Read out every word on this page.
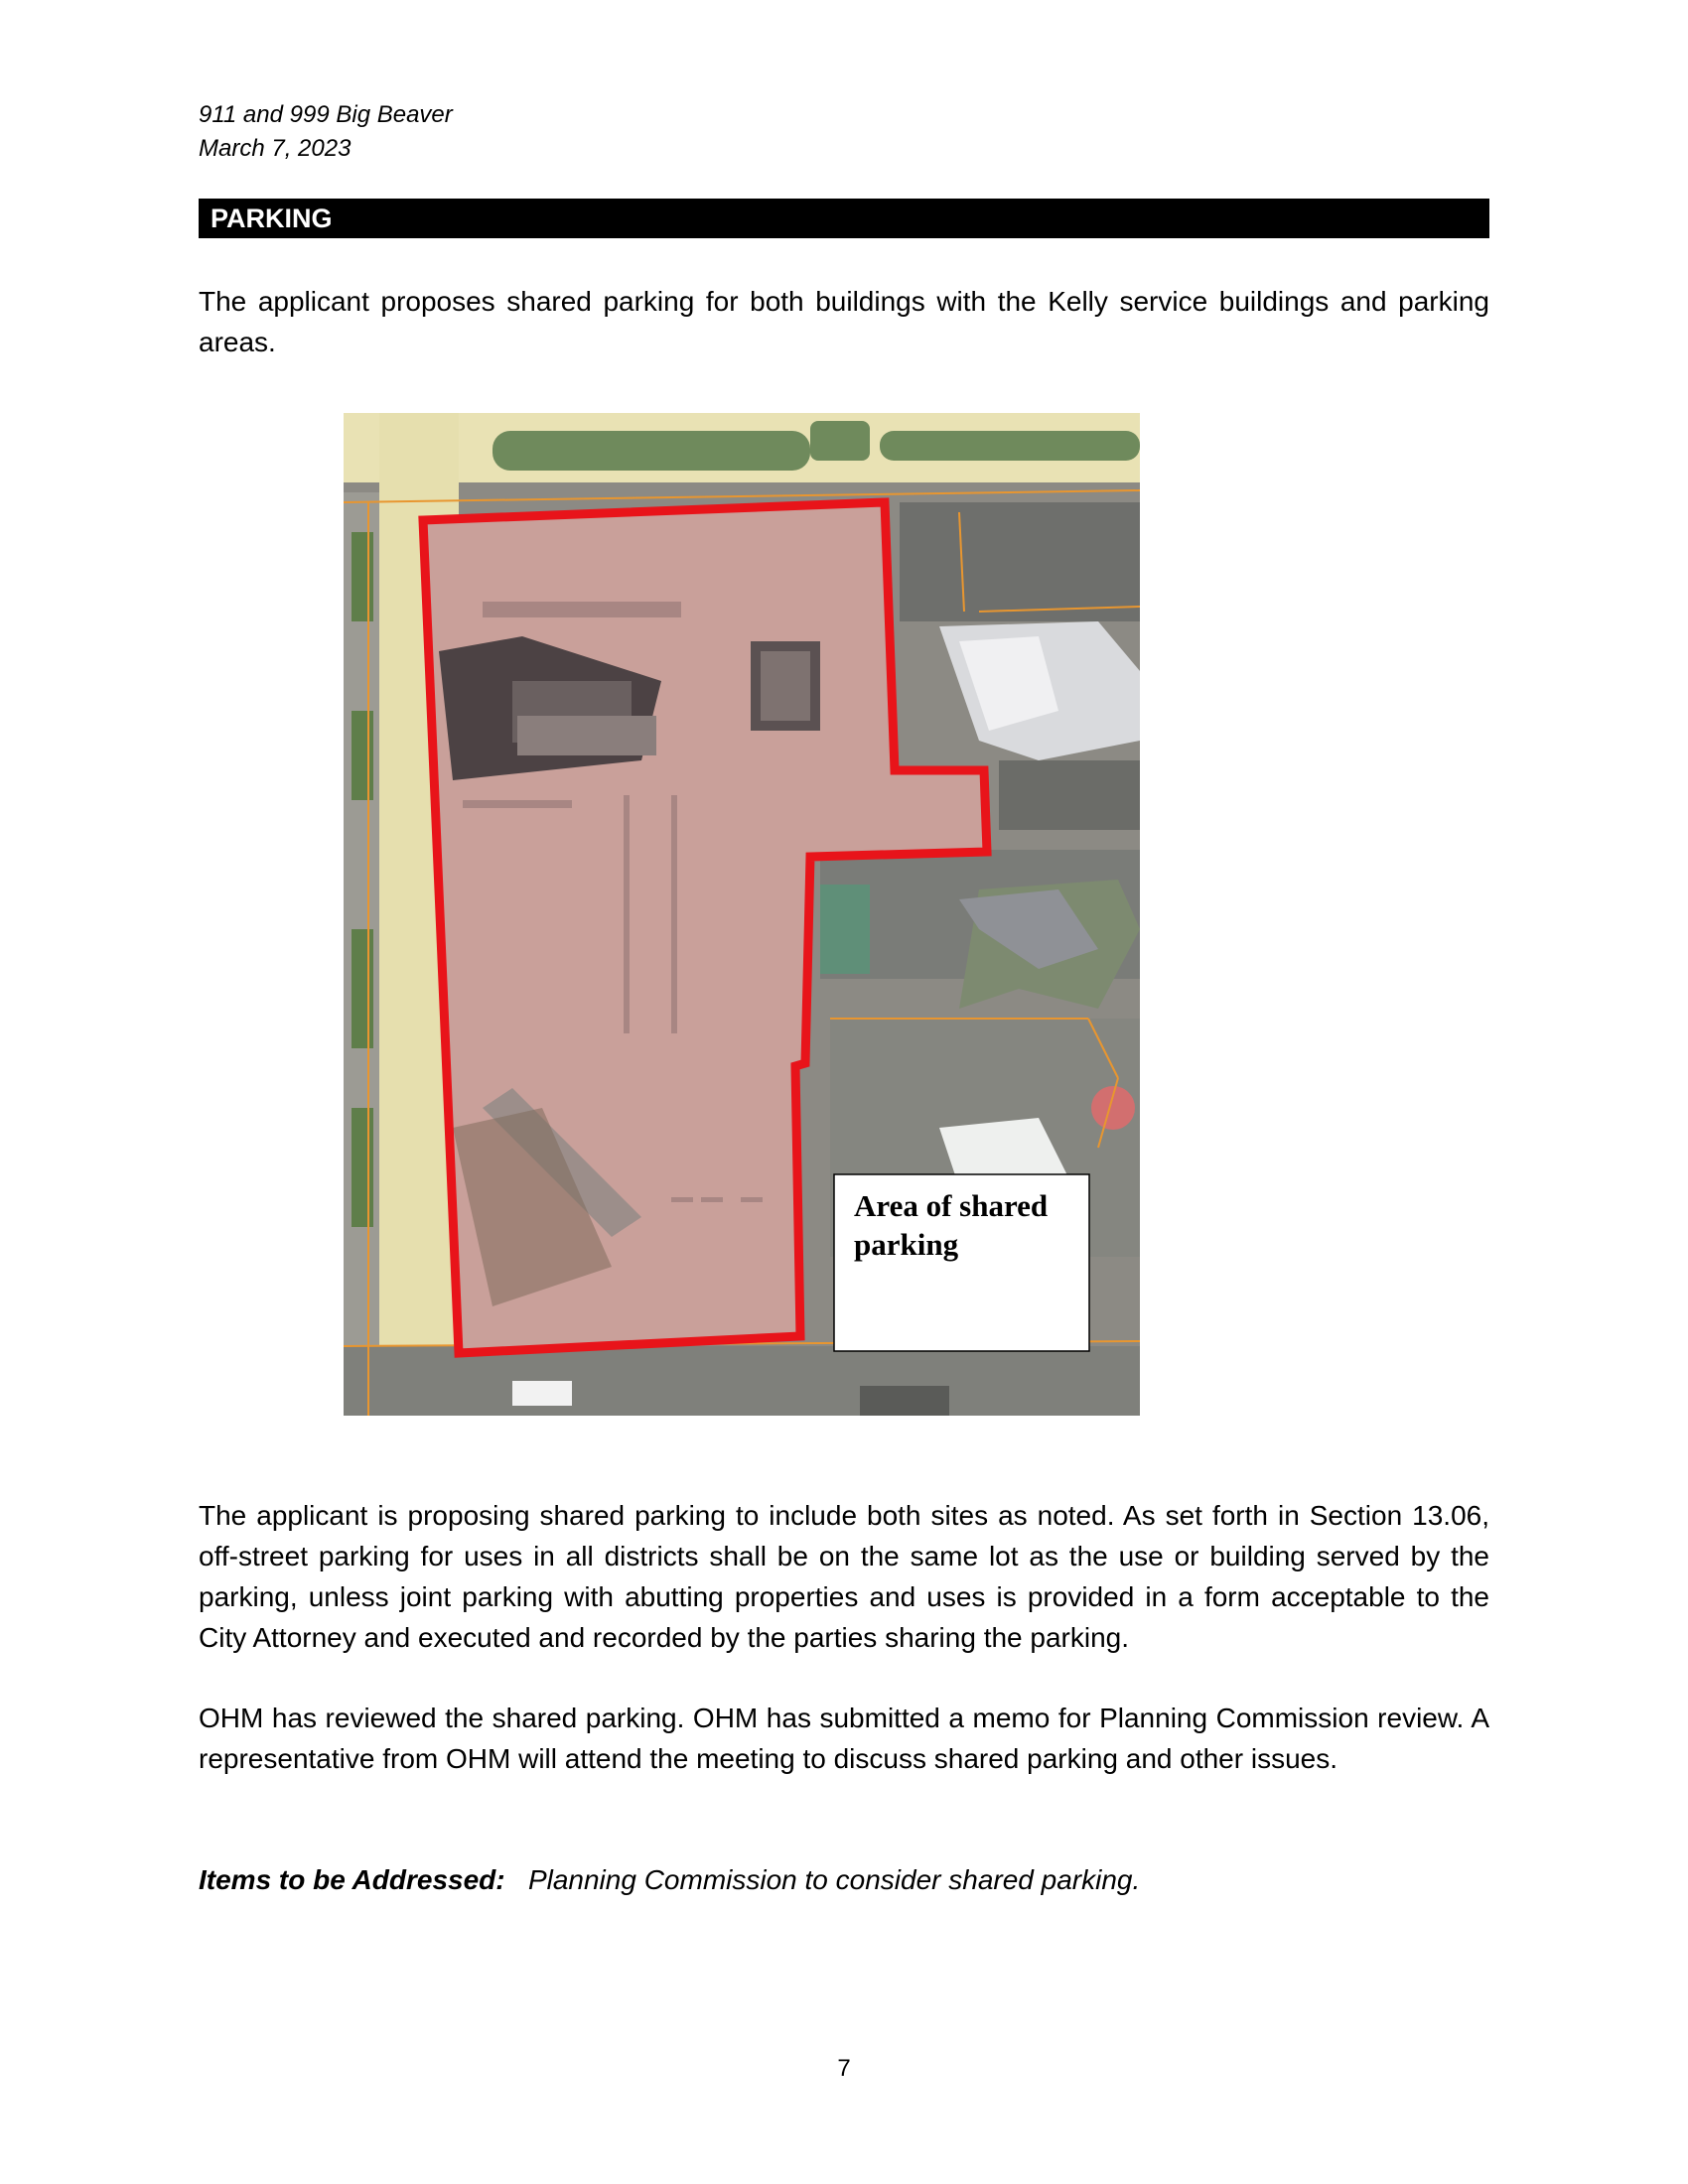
911 and 999 Big Beaver
March 7, 2023
PARKING

The applicant proposes shared parking for both buildings with the Kelly service buildings and parking areas.

Area of shared
parking

The applicant is proposing shared parking to include both sites as noted. As set forth in Section 13.06, off-street parking for uses in all districts shall be on the same lot as the use or building served by the parking, unless joint parking with abutting properties and uses is provided in a form acceptable to the City Attorney and executed and recorded by the parties sharing the parking.

OHM has reviewed the shared parking. OHM has submitted a memo for Planning Commission review. A representative from OHM will attend the meeting to discuss shared parking and other issues.

Items to be Addressed: Planning Commission to consider shared parking.
7
